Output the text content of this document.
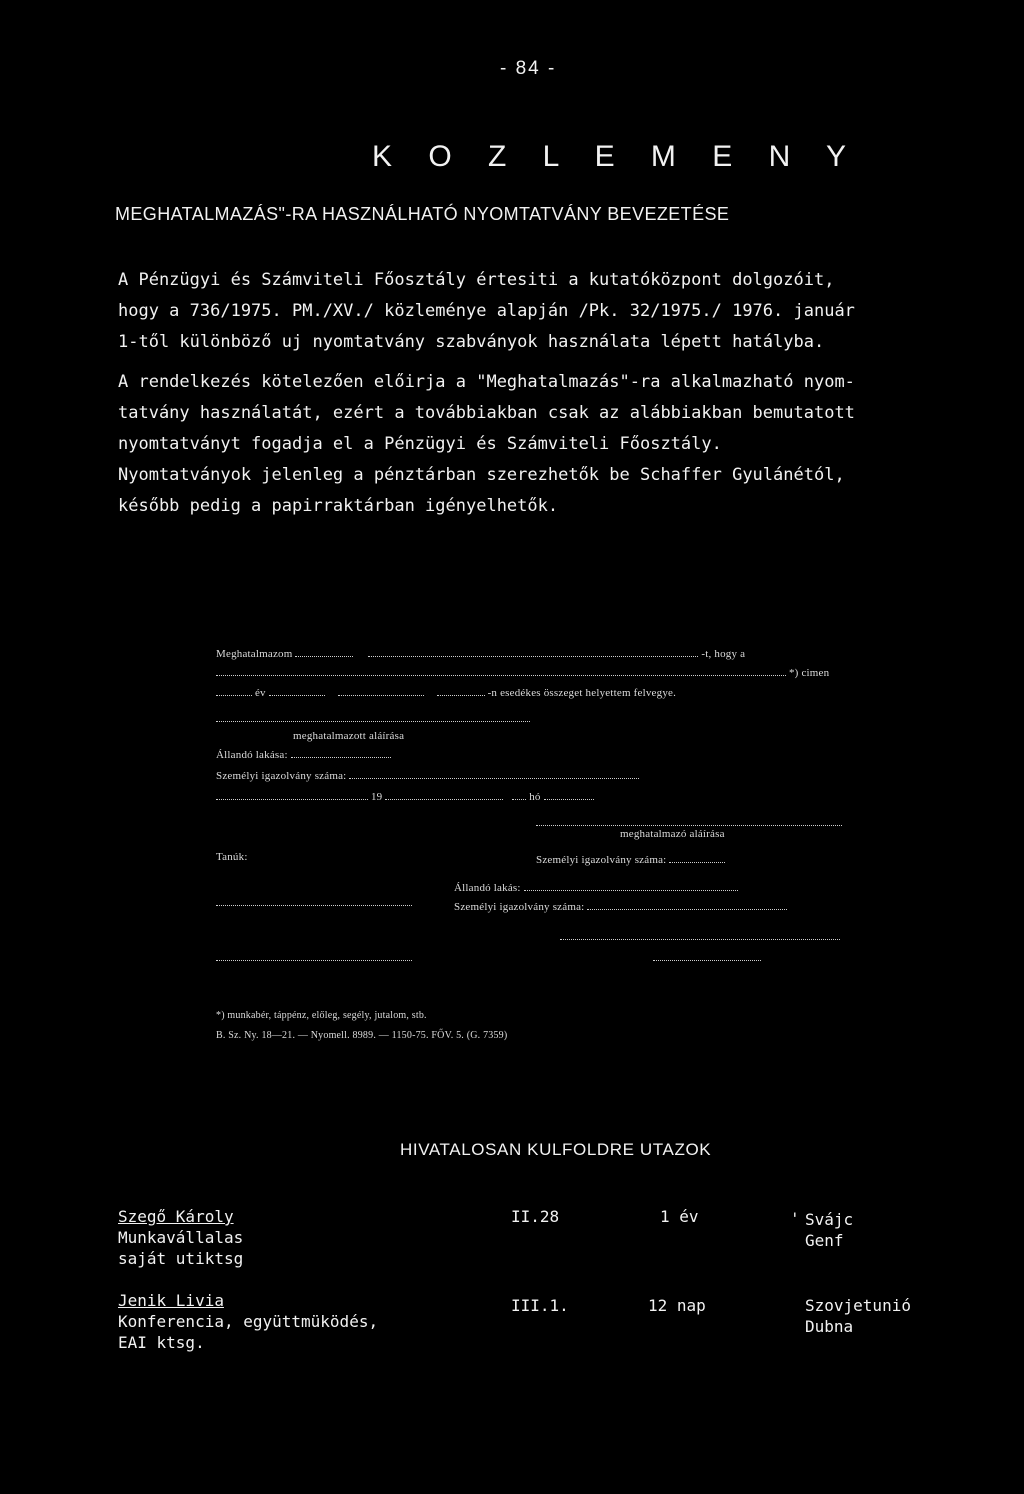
- 84 -
K O Z L E M E N Y
MEGHATALMAZÁS"-RA HASZNÁLHATÓ NYOMTATVÁNY BEVEZETÉSE
A Pénzügyi és Számviteli Főosztály értesiti a kutatóközpont dolgozóit,
hogy a 736/1975. PM./XV./ közleménye alapján /Pk. 32/1975./ 1976. január
1-től különböző uj nyomtatvány szabványok használata lépett hatályba.
A rendelkezés kötelezően előirja a "Meghatalmazás"-ra alkalmazható nyom-
tatvány használatát, ezért a továbbiakban csak az alábbiakban bemutatott
nyomtatványt fogadja el a Pénzügyi és Számviteli Főosztály.
Nyomtatványok jelenleg a pénztárban szerezhetők be Schaffer Gyulánétól,
később pedig a papirraktárban igényelhetők.
Meghatalmazom	-t, hogy a
*) cimen
év	-n esedékes összeget helyettem felvegye.
meghatalmazott aláírása
Állandó lakása:
Személyi igazolvány száma:
19	hó
meghatalmazó aláírása
Tanúk:	Személyi igazolvány száma:
Állandó lakás:
Személyi igazolvány száma:

*) munkabér, táppénz, előleg, segély, jutalom, stb.
B. Sz. Ny. 18—21. — Nyomell. 8989. — 1150-75. FŐV. 5. (G. 7359)
HIVATALOSAN KULFOLDRE UTAZOK
Szegő Károly
Munkavállalas
saját utiktsg
II.28	1 év	' Svájc
Genf
Jenik Livia
Konferencia, együttmüködés,
EAI ktsg.
III.1.	12 nap	Szovjetunió
Dubna
